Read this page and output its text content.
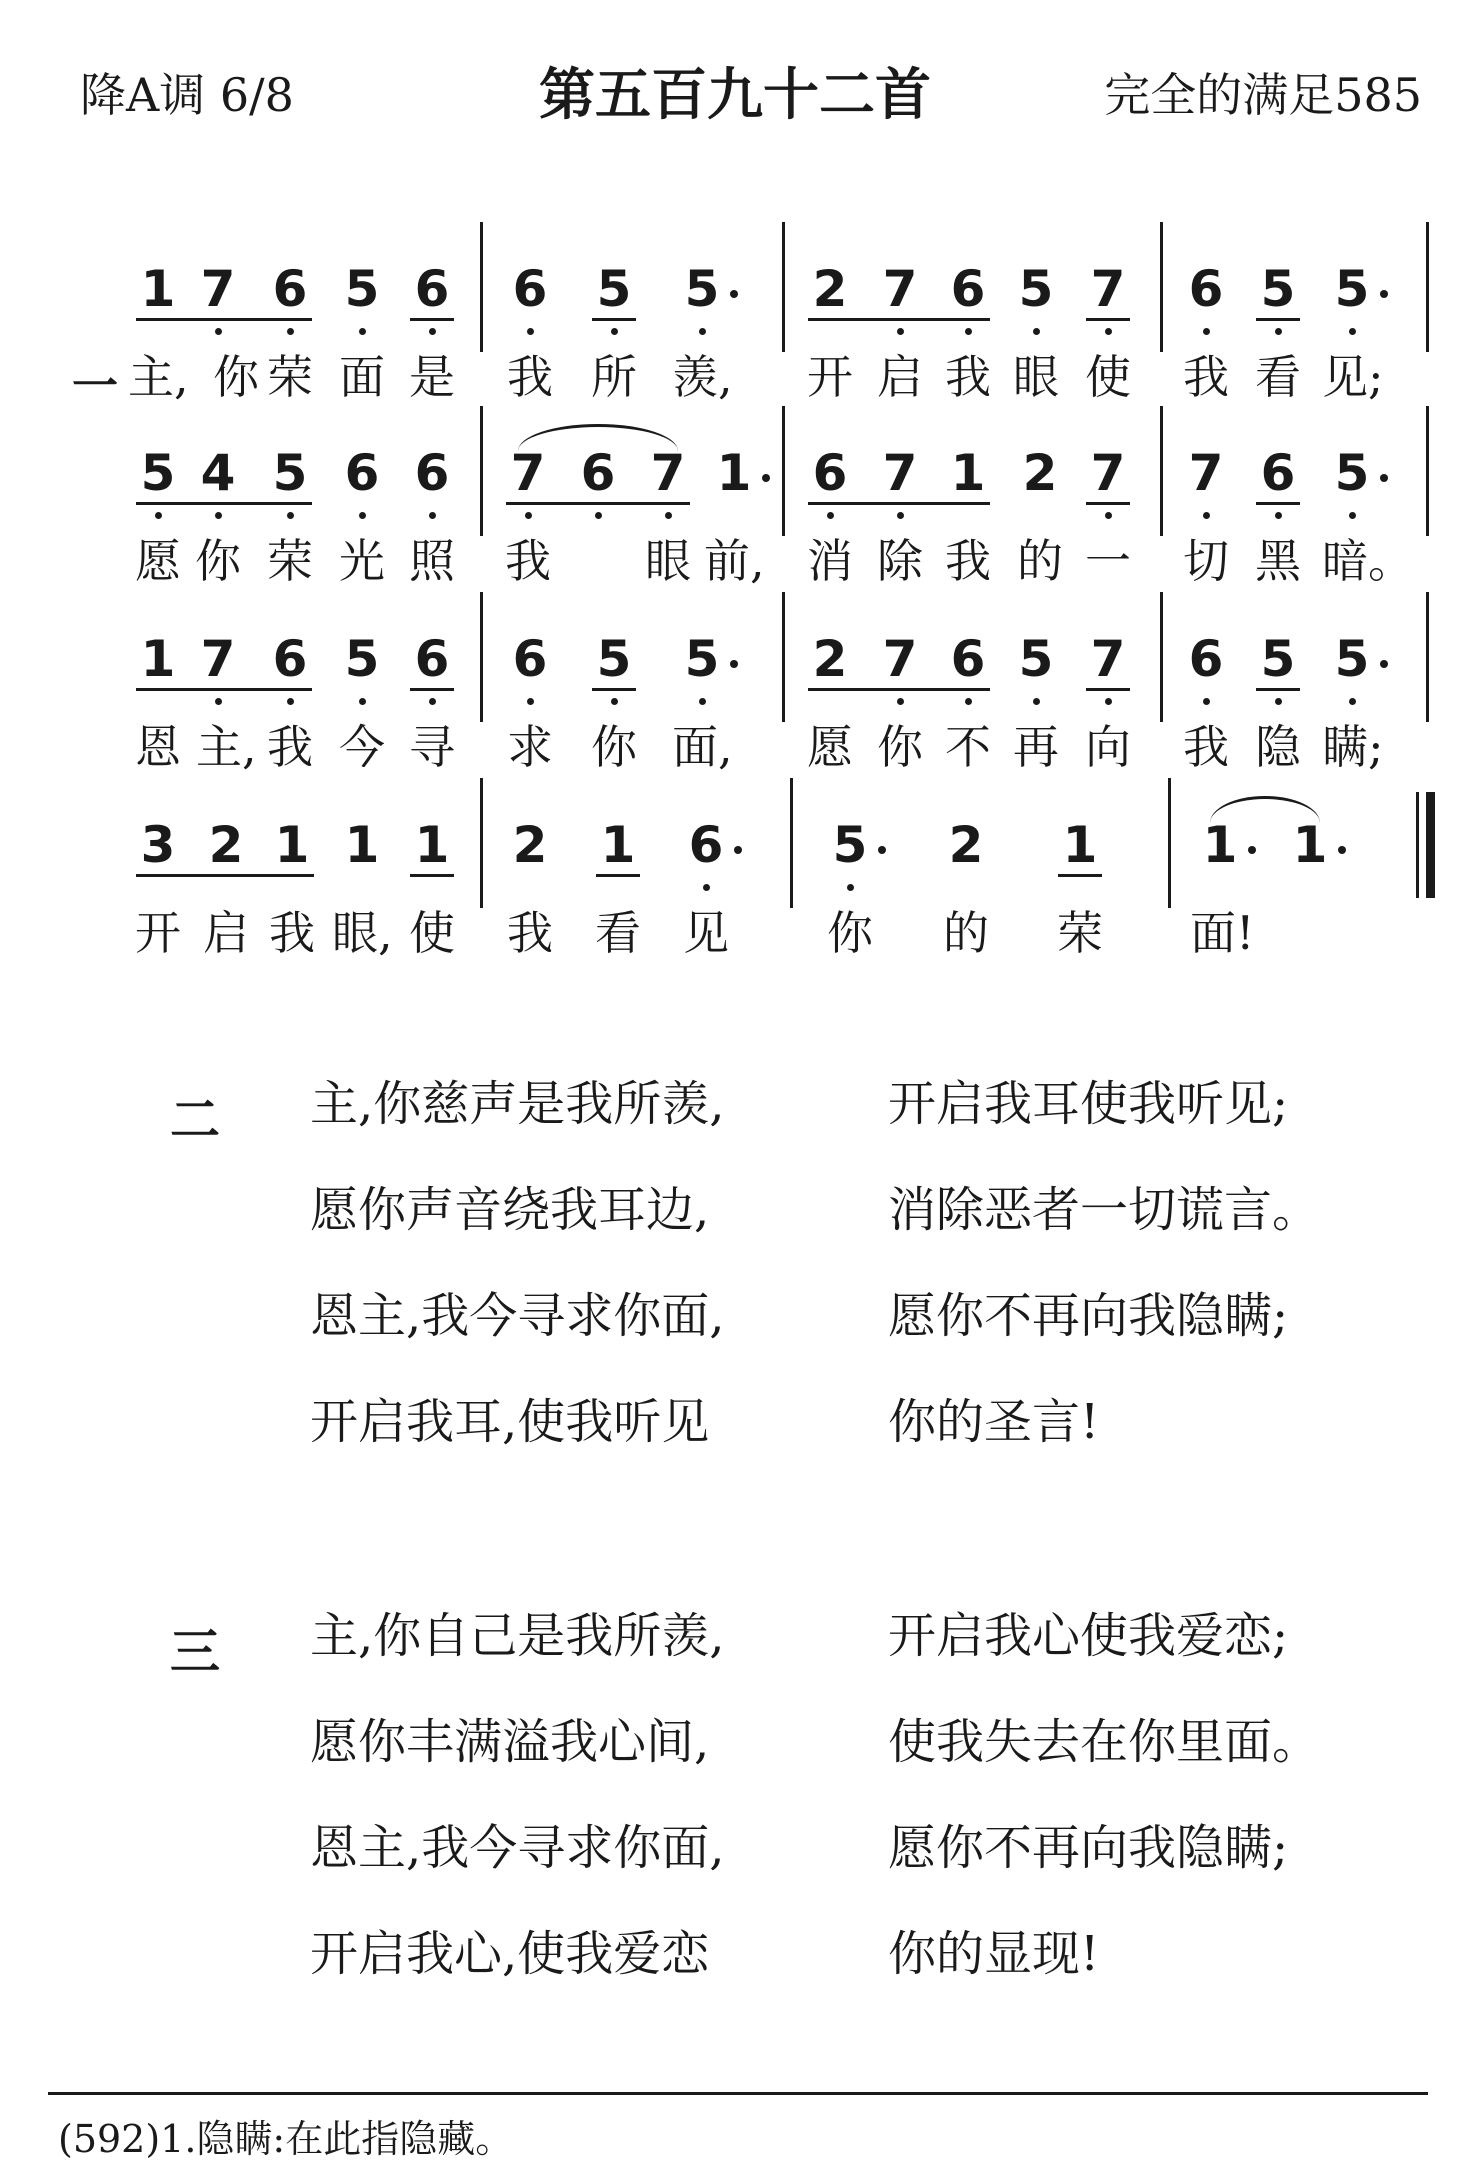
降A调 6/8	第五百九十二首	完全的满足585
1 7 6 5 6 6 5 5 2 7 6 5 7 6 5 5
主, 你 荣 面 是 我 所 羡, 开 启 我 眼 使 我 看 见;
5 4 5 6 6 7 6 7 1 6 7 1 2 7 7 6 5
愿 你 荣 光 照 我 眼 前, 消 除 我 的 一 切 黑 暗。
1 7 6 5 6 6 5 5 2 7 6 5 7 6 5 5
恩 主, 我 今 寻 求 你 面, 愿 你 不 再 向 我 隐 瞒;
3 2 1 1 1 2 1 6 5 2 1 1 1
开 启 我 眼, 使 我 看 见 你 的 荣 面!
一
二 主,你慈声是我所羡,	开启我耳使我听见;
愿你声音绕我耳边,	消除恶者一切谎言。
恩主,我今寻求你面,	愿你不再向我隐瞒;
开启我耳,使我听见	你的圣言!
三 主,你自己是我所羡,	开启我心使我爱恋;
愿你丰满溢我心间,	使我失去在你里面。
恩主,我今寻求你面,	愿你不再向我隐瞒;
开启我心,使我爱恋	你的显现!
(592)1.隐瞒:在此指隐藏。
